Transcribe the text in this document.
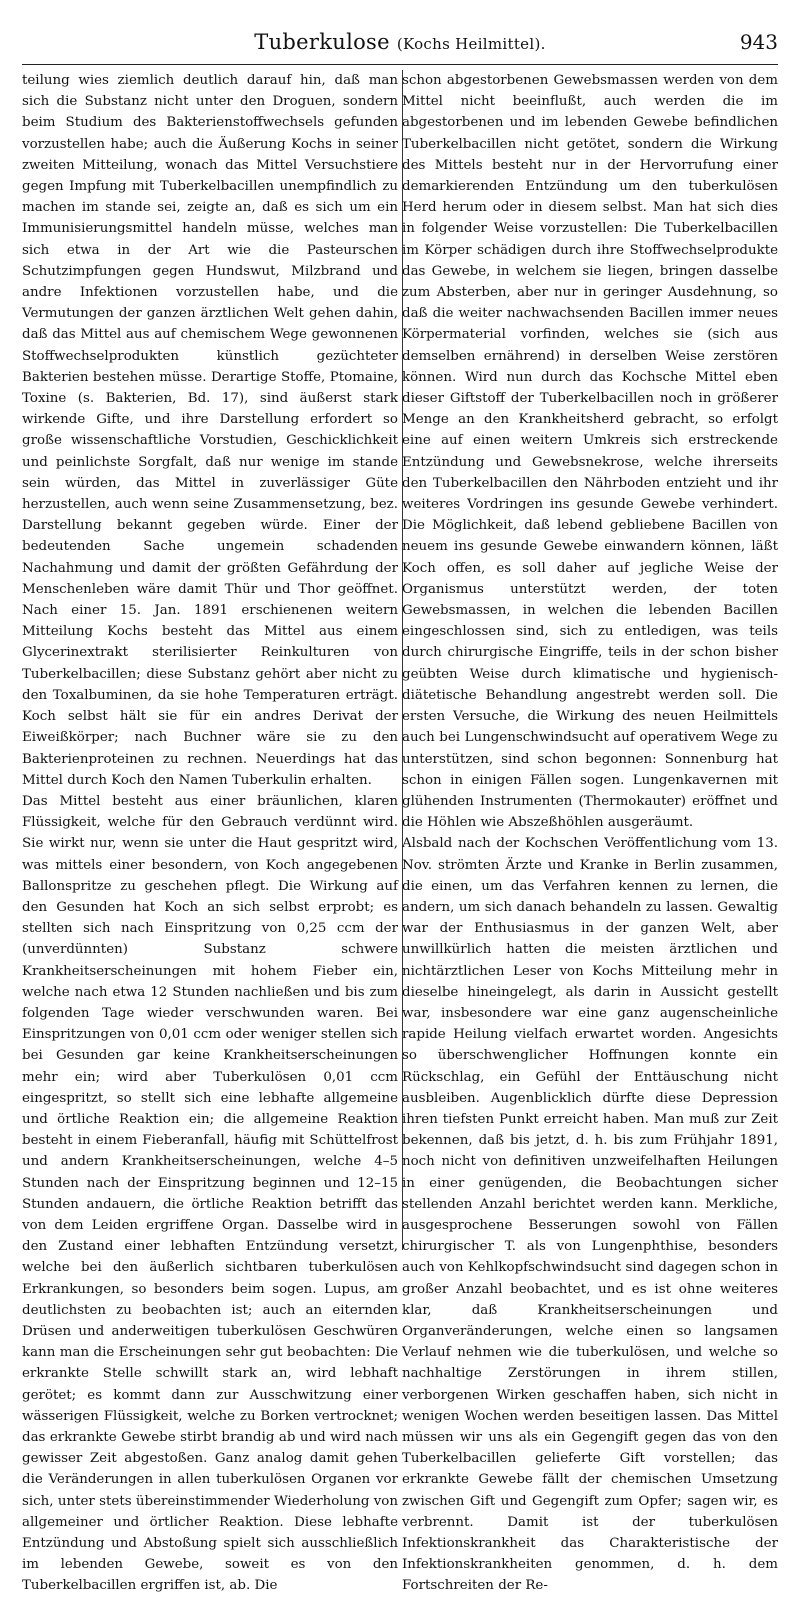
Tuberkulose (Kochs Heilmittel).	943

teilung wies ziemlich deutlich darauf hin, daß man sich die Substanz nicht unter den Droguen, sondern beim Studium des Bakterienstoffwechsels gefunden vorzustellen habe; auch die Äußerung Kochs in seiner zweiten Mitteilung, wonach das Mittel Versuchstiere gegen Impfung mit Tuberkelbacillen unempfindlich zu machen im stande sei, zeigte an, daß es sich um ein Immunisierungsmittel handeln müsse, welches man sich etwa in der Art wie die Pasteurschen Schutzimpfungen gegen Hundswut, Milzbrand und andre Infektionen vorzustellen habe, und die Vermutungen der ganzen ärztlichen Welt gehen dahin, daß das Mittel aus auf chemischem Wege gewonnenen Stoffwechselprodukten künstlich gezüchteter Bakterien bestehen müsse. Derartige Stoffe, Ptomaine, Toxine (s. Bakterien, Bd. 17), sind äußerst stark wirkende Gifte, und ihre Darstellung erfordert so große wissenschaftliche Vorstudien, Geschicklichkeit und peinlichste Sorgfalt, daß nur wenige im stande sein würden, das Mittel in zuverlässiger Güte herzustellen, auch wenn seine Zusammensetzung, bez. Darstellung bekannt gegeben würde. Einer der bedeutenden Sache ungemein schadenden Nachahmung und damit der größten Gefährdung der Menschenleben wäre damit Thür und Thor geöffnet. Nach einer 15. Jan. 1891 erschienenen weitern Mitteilung Kochs besteht das Mittel aus einem Glycerinextrakt sterilisierter Reinkulturen von Tuberkelbacillen; diese Substanz gehört aber nicht zu den Toxalbuminen, da sie hohe Temperaturen erträgt. Koch selbst hält sie für ein andres Derivat der Eiweißkörper; nach Buchner wäre sie zu den Bakterienproteinen zu rechnen. Neuerdings hat das Mittel durch Koch den Namen Tuberkulin erhalten.

Das Mittel besteht aus einer bräunlichen, klaren Flüssigkeit, welche für den Gebrauch verdünnt wird. Sie wirkt nur, wenn sie unter die Haut gespritzt wird, was mittels einer besondern, von Koch angegebenen Ballonspritze zu geschehen pflegt. Die Wirkung auf den Gesunden hat Koch an sich selbst erprobt; es stellten sich nach Einspritzung von 0,25 ccm der (unverdünnten) Substanz schwere Krankheitserscheinungen mit hohem Fieber ein, welche nach etwa 12 Stunden nachließen und bis zum folgenden Tage wieder verschwunden waren. Bei Einspritzungen von 0,01 ccm oder weniger stellen sich bei Gesunden gar keine Krankheitserscheinungen mehr ein; wird aber Tuberkulösen 0,01 ccm eingespritzt, so stellt sich eine lebhafte allgemeine und örtliche Reaktion ein; die allgemeine Reaktion besteht in einem Fieberanfall, häufig mit Schüttelfrost und andern Krankheitserscheinungen, welche 4–5 Stunden nach der Einspritzung beginnen und 12–15 Stunden andauern, die örtliche Reaktion betrifft das von dem Leiden ergriffene Organ. Dasselbe wird in den Zustand einer lebhaften Entzündung versetzt, welche bei den äußerlich sichtbaren tuberkulösen Erkrankungen, so besonders beim sogen. Lupus, am deutlichsten zu beobachten ist; auch an eiternden Drüsen und anderweitigen tuberkulösen Geschwüren kann man die Erscheinungen sehr gut beobachten: Die erkrankte Stelle schwillt stark an, wird lebhaft gerötet; es kommt dann zur Ausschwitzung einer wässerigen Flüssigkeit, welche zu Borken vertrocknet; das erkrankte Gewebe stirbt brandig ab und wird nach gewisser Zeit abgestoßen. Ganz analog damit gehen die Veränderungen in allen tuberkulösen Organen vor sich, unter stets übereinstimmender Wiederholung von allgemeiner und örtlicher Reaktion. Diese lebhafte Entzündung und Abstoßung spielt sich ausschließlich im lebenden Gewebe, soweit es von den Tuberkelbacillen ergriffen ist, ab. Die

schon abgestorbenen Gewebsmassen werden von dem Mittel nicht beeinflußt, auch werden die im abgestorbenen und im lebenden Gewebe befindlichen Tuberkelbacillen nicht getötet, sondern die Wirkung des Mittels besteht nur in der Hervorrufung einer demarkierenden Entzündung um den tuberkulösen Herd herum oder in diesem selbst. Man hat sich dies in folgender Weise vorzustellen: Die Tuberkelbacillen im Körper schädigen durch ihre Stoffwechselprodukte das Gewebe, in welchem sie liegen, bringen dasselbe zum Absterben, aber nur in geringer Ausdehnung, so daß die weiter nachwachsenden Bacillen immer neues Körpermaterial vorfinden, welches sie (sich aus demselben ernährend) in derselben Weise zerstören können. Wird nun durch das Kochsche Mittel eben dieser Giftstoff der Tuberkelbacillen noch in größerer Menge an den Krankheitsherd gebracht, so erfolgt eine auf einen weitern Umkreis sich erstreckende Entzündung und Gewebsnekrose, welche ihrerseits den Tuberkelbacillen den Nährboden entzieht und ihr weiteres Vordringen ins gesunde Gewebe verhindert. Die Möglichkeit, daß lebend gebliebene Bacillen von neuem ins gesunde Gewebe einwandern können, läßt Koch offen, es soll daher auf jegliche Weise der Organismus unterstützt werden, der toten Gewebsmassen, in welchen die lebenden Bacillen eingeschlossen sind, sich zu entledigen, was teils durch chirurgische Eingriffe, teils in der schon bisher geübten Weise durch klimatische und hygienisch-diätetische Behandlung angestrebt werden soll. Die ersten Versuche, die Wirkung des neuen Heilmittels auch bei Lungenschwindsucht auf operativem Wege zu unterstützen, sind schon begonnen: Sonnenburg hat schon in einigen Fällen sogen. Lungenkavernen mit glühenden Instrumenten (Thermokauter) eröffnet und die Höhlen wie Abszeßhöhlen ausgeräumt.

Alsbald nach der Kochschen Veröffentlichung vom 13. Nov. strömten Ärzte und Kranke in Berlin zusammen, die einen, um das Verfahren kennen zu lernen, die andern, um sich danach behandeln zu lassen. Gewaltig war der Enthusiasmus in der ganzen Welt, aber unwillkürlich hatten die meisten ärztlichen und nichtärztlichen Leser von Kochs Mitteilung mehr in dieselbe hineingelegt, als darin in Aussicht gestellt war, insbesondere war eine ganz augenscheinliche rapide Heilung vielfach erwartet worden. Angesichts so überschwenglicher Hoffnungen konnte ein Rückschlag, ein Gefühl der Enttäuschung nicht ausbleiben. Augenblicklich dürfte diese Depression ihren tiefsten Punkt erreicht haben. Man muß zur Zeit bekennen, daß bis jetzt, d. h. bis zum Frühjahr 1891, noch nicht von definitiven unzweifelhaften Heilungen in einer genügenden, die Beobachtungen sicher stellenden Anzahl berichtet werden kann. Merkliche, ausgesprochene Besserungen sowohl von Fällen chirurgischer T. als von Lungenphthise, besonders auch von Kehlkopfschwindsucht sind dagegen schon in großer Anzahl beobachtet, und es ist ohne weiteres klar, daß Krankheitserscheinungen und Organveränderungen, welche einen so langsamen Verlauf nehmen wie die tuberkulösen, und welche so nachhaltige Zerstörungen in ihrem stillen, verborgenen Wirken geschaffen haben, sich nicht in wenigen Wochen werden beseitigen lassen. Das Mittel müssen wir uns als ein Gegengift gegen das von den Tuberkelbacillen gelieferte Gift vorstellen; das erkrankte Gewebe fällt der chemischen Umsetzung zwischen Gift und Gegengift zum Opfer; sagen wir, es verbrennt. Damit ist der tuberkulösen Infektionskrankheit das Charakteristische der Infektionskrankheiten genommen, d. h. dem Fortschreiten der Re-
